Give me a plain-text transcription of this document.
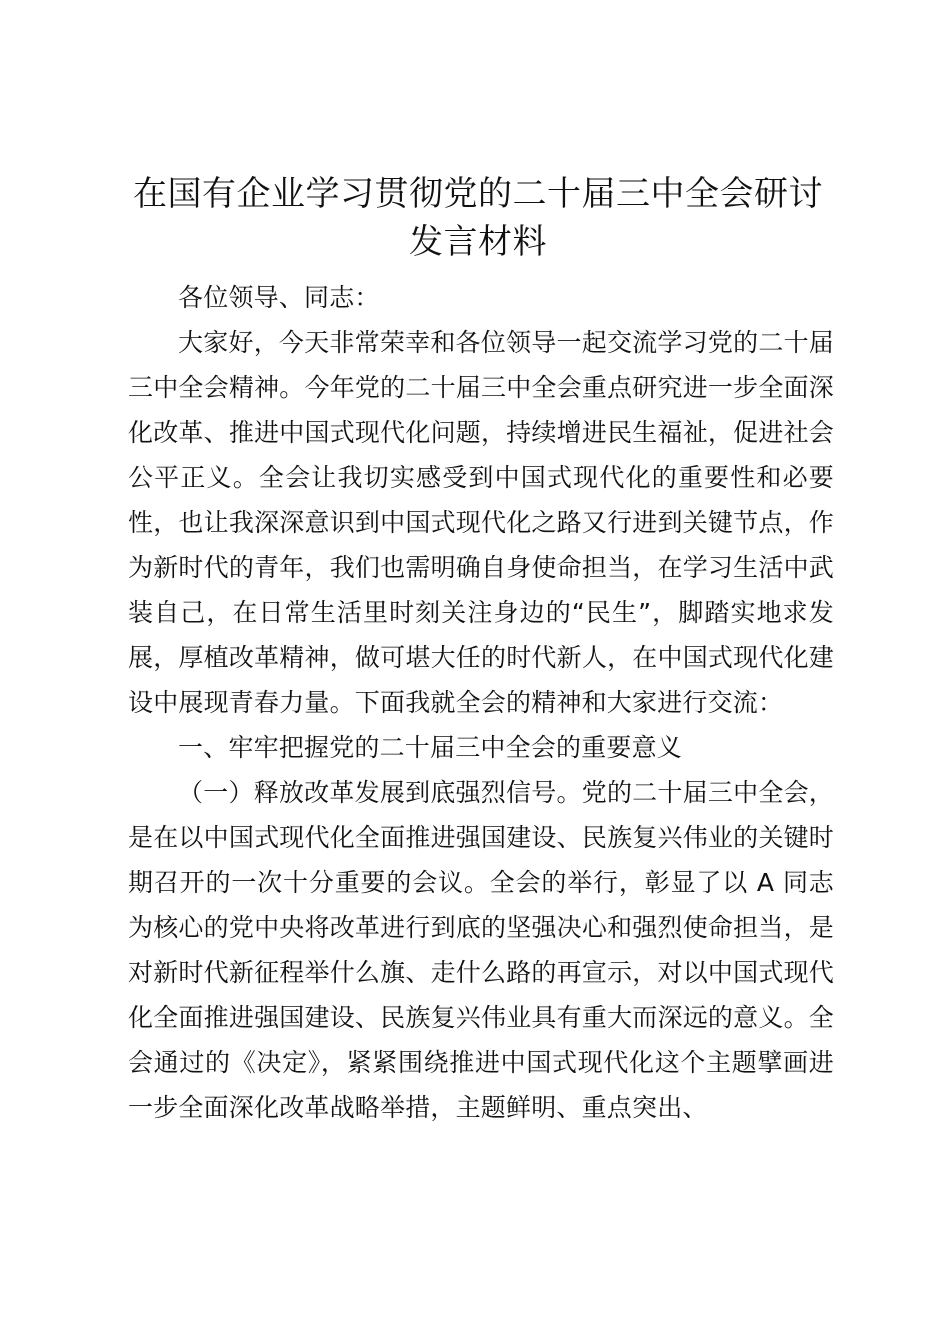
在国有企业学习贯彻党的二十届三中全会研讨发言材料

各位领导、同志：

大家好，今天非常荣幸和各位领导一起交流学习党的二十届三中全会精神。今年党的二十届三中全会重点研究进一步全面深化改革、推进中国式现代化问题，持续增进民生福祉，促进社会公平正义。全会让我切实感受到中国式现代化的重要性和必要性，也让我深深意识到中国式现代化之路又行进到关键节点，作为新时代的青年，我们也需明确自身使命担当，在学习生活中武装自己，在日常生活里时刻关注身边的“民生”，脚踏实地求发展，厚植改革精神，做可堪大任的时代新人，在中国式现代化建设中展现青春力量。下面我就全会的精神和大家进行交流：

一、牢牢把握党的二十届三中全会的重要意义

（一）释放改革发展到底强烈信号。党的二十届三中全会，是在以中国式现代化全面推进强国建设、民族复兴伟业的关键时期召开的一次十分重要的会议。全会的举行，彰显了以 A 同志为核心的党中央将改革进行到底的坚强决心和强烈使命担当，是对新时代新征程举什么旗、走什么路的再宣示，对以中国式现代化全面推进强国建设、民族复兴伟业具有重大而深远的意义。全会通过的《决定》，紧紧围绕推进中国式现代化这个主题擘画进一步全面深化改革战略举措，主题鲜明、重点突出、
